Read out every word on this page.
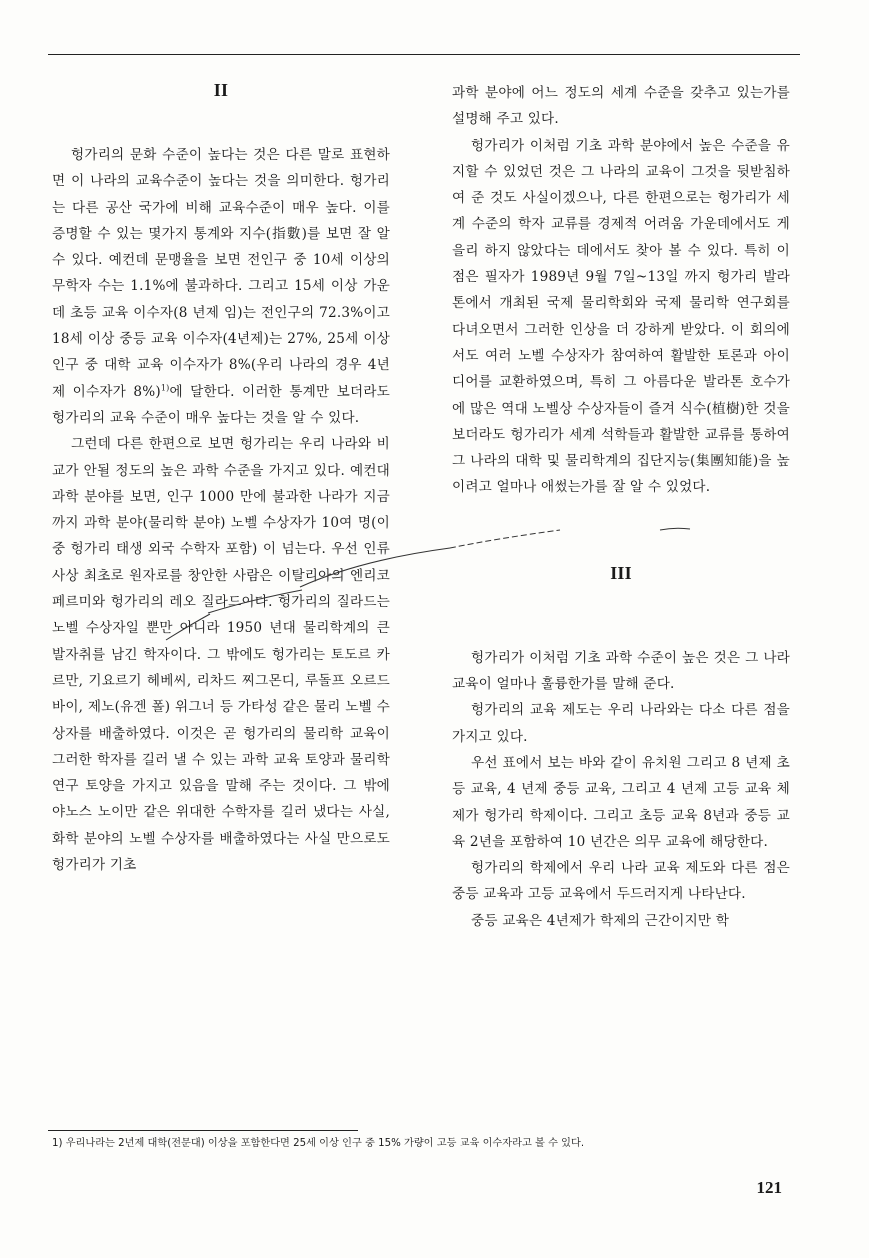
II

헝가리의 문화 수준이 높다는 것은 다른 말로 표현하면 이 나라의 교육수준이 높다는 것을 의미한다. 헝가리는 다른 공산 국가에 비해 교육수준이 매우 높다. 이를 증명할 수 있는 몇가지 통계와 지수(指數)를 보면 잘 알 수 있다. 예컨데 문맹율을 보면 전인구 중 10세 이상의 무학자 수는 1.1%에 불과하다. 그리고 15세 이상 가운데 초등 교육 이수자(8 년제 임)는 전인구의 72.3%이고 18세 이상 중등 교육 이수자(4년제)는 27%, 25세 이상 인구 중 대학 교육 이수자가 8%(우리 나라의 경우 4년제 이수자가 8%)$^{1)}$에 달한다. 이러한 통계만 보더라도 헝가리의 교육 수준이 매우 높다는 것을 알 수 있다.

그런데 다른 한편으로 보면 헝가리는 우리 나라와 비교가 안될 정도의 높은 과학 수준을 가지고 있다. 예컨대 과학 분야를 보면, 인구 1000 만에 불과한 나라가 지금까지 과학 분야(물리학 분야) 노벨 수상자가 10여 명(이 중 헝가리 태생 외국 수학자 포함) 이 넘는다. 우선 인류 사상 최초로 원자로를 창안한 사람은 이탈리아의 엔리코 페르미와 헝가리의 레오 질라드이다. 헝가리의 질라드는 노벨 수상자일 뿐만 아니라 1950 년대 물리학계의 큰 발자취를 남긴 학자이다. 그 밖에도 헝가리는 토도르 카르만, 기요르기 헤베씨, 리차드 찌그몬디, 루돌프 오르드바이, 제노(유겐 폴) 위그너 등 가타성 같은 물리 노벨 수상자를 배출하였다. 이것은 곧 헝가리의 물리학 교육이 그러한 학자를 길러 낼 수 있는 과학 교육 토양과 물리학 연구 토양을 가지고 있음을 말해 주는 것이다. 그 밖에 야노스 노이만 같은 위대한 수학자를 길러 냈다는 사실, 화학 분야의 노벨 수상자를 배출하였다는 사실 만으로도 헝가리가 기초

과학 분야에 어느 정도의 세계 수준을 갖추고 있는가를 설명해 주고 있다.

헝가리가 이처럼 기초 과학 분야에서 높은 수준을 유지할 수 있었던 것은 그 나라의 교육이 그것을 뒷받침하여 준 것도 사실이겠으나, 다른 한편으로는 헝가리가 세계 수준의 학자 교류를 경제적 어려움 가운데에서도 게을리 하지 않았다는 데에서도 찾아 볼 수 있다. 특히 이 점은 필자가 1989년 9월 7일~13일 까지 헝가리 발라톤에서 개최된 국제 물리학회와 국제 물리학 연구회를 다녀오면서 그러한 인상을 더 강하게 받았다. 이 회의에서도 여러 노벨 수상자가 참여하여 활발한 토론과 아이디어를 교환하였으며, 특히 그 아름다운 발라톤 호수가에 많은 역대 노벨상 수상자들이 즐겨 식수(植樹)한 것을 보더라도 헝가리가 세계 석학들과 활발한 교류를 통하여 그 나라의 대학 및 물리학계의 집단지능(集團知能)을 높이려고 얼마나 애썼는가를 잘 알 수 있었다.

III

헝가리가 이처럼 기초 과학 수준이 높은 것은 그 나라 교육이 얼마나 훌륭한가를 말해 준다.

헝가리의 교육 제도는 우리 나라와는 다소 다른 점을 가지고 있다.

우선 표에서 보는 바와 같이 유치원 그리고 8 년제 초등 교육, 4 년제 중등 교육, 그리고 4 년제 고등 교육 체제가 헝가리 학제이다. 그리고 초등 교육 8년과 중등 교육 2년을 포함하여 10 년간은 의무 교육에 해당한다.

헝가리의 학제에서 우리 나라 교육 제도와 다른 점은 중등 교육과 고등 교육에서 두드러지게 나타난다.

중등 교육은 4년제가 학제의 근간이지만 학

1) 우리나라는 2년제 대학(전문대) 이상을 포함한다면 25세 이상 인구 중 15% 가량이 고등 교육 이수자라고 볼 수 있다.
121
